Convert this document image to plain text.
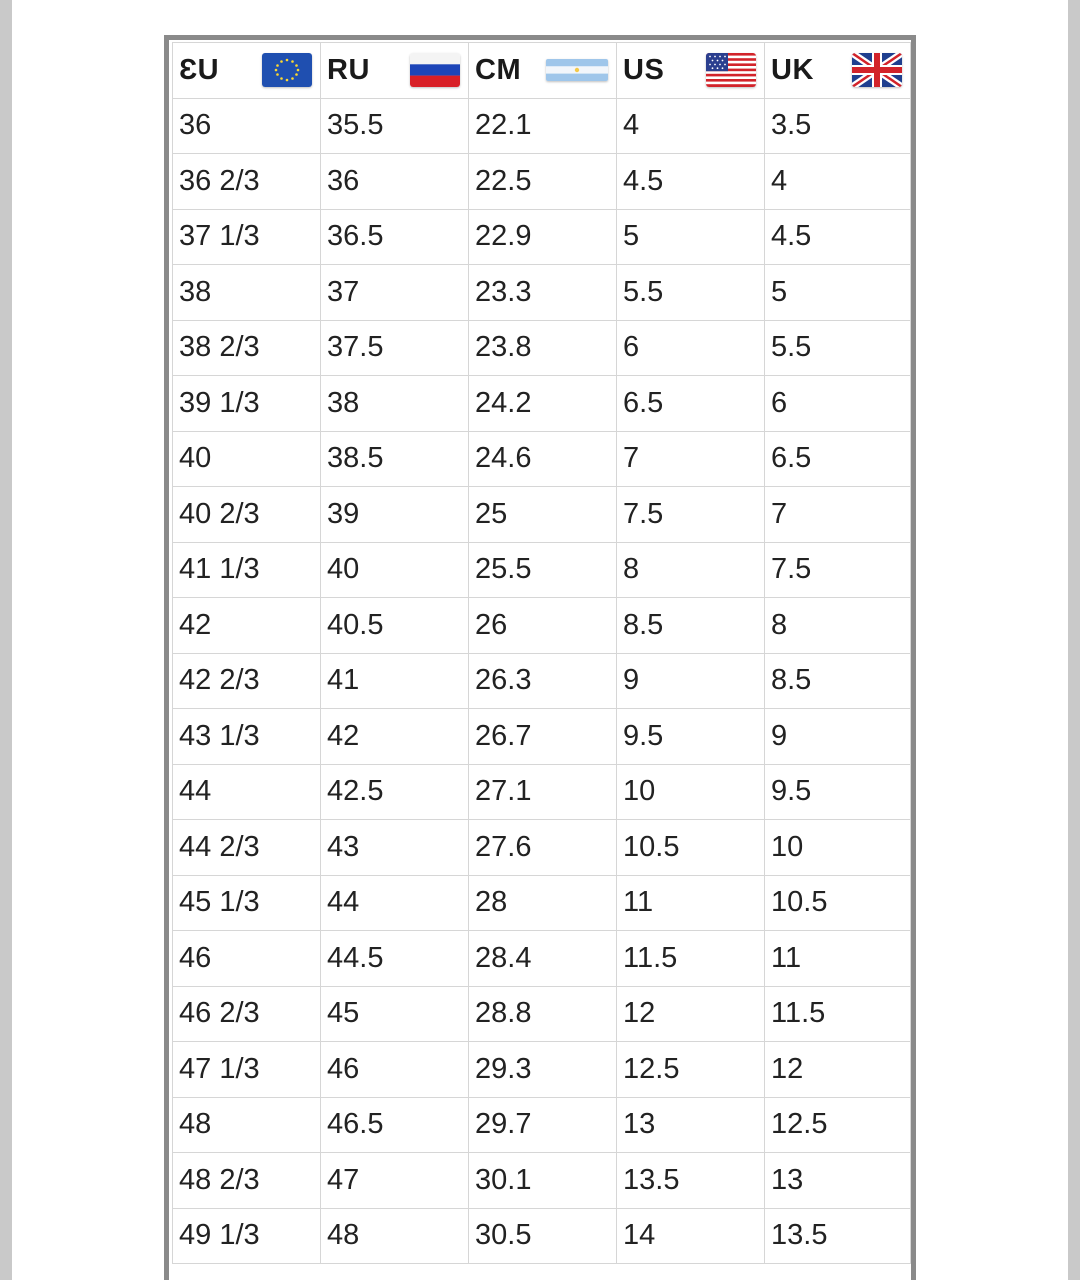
ƐU	RU	CM	US	UK

36	35.5	22.1	4	3.5
36 2/3	36	22.5	4.5	4
37 1/3	36.5	22.9	5	4.5
38	37	23.3	5.5	5
38 2/3	37.5	23.8	6	5.5
39 1/3	38	24.2	6.5	6
40	38.5	24.6	7	6.5
40 2/3	39	25	7.5	7
41 1/3	40	25.5	8	7.5
42	40.5	26	8.5	8
42 2/3	41	26.3	9	8.5
43 1/3	42	26.7	9.5	9
44	42.5	27.1	10	9.5
44 2/3	43	27.6	10.5	10
45 1/3	44	28	11	10.5
46	44.5	28.4	11.5	11
46 2/3	45	28.8	12	11.5
47 1/3	46	29.3	12.5	12
48	46.5	29.7	13	12.5
48 2/3	47	30.1	13.5	13
49 1/3	48	30.5	14	13.5
